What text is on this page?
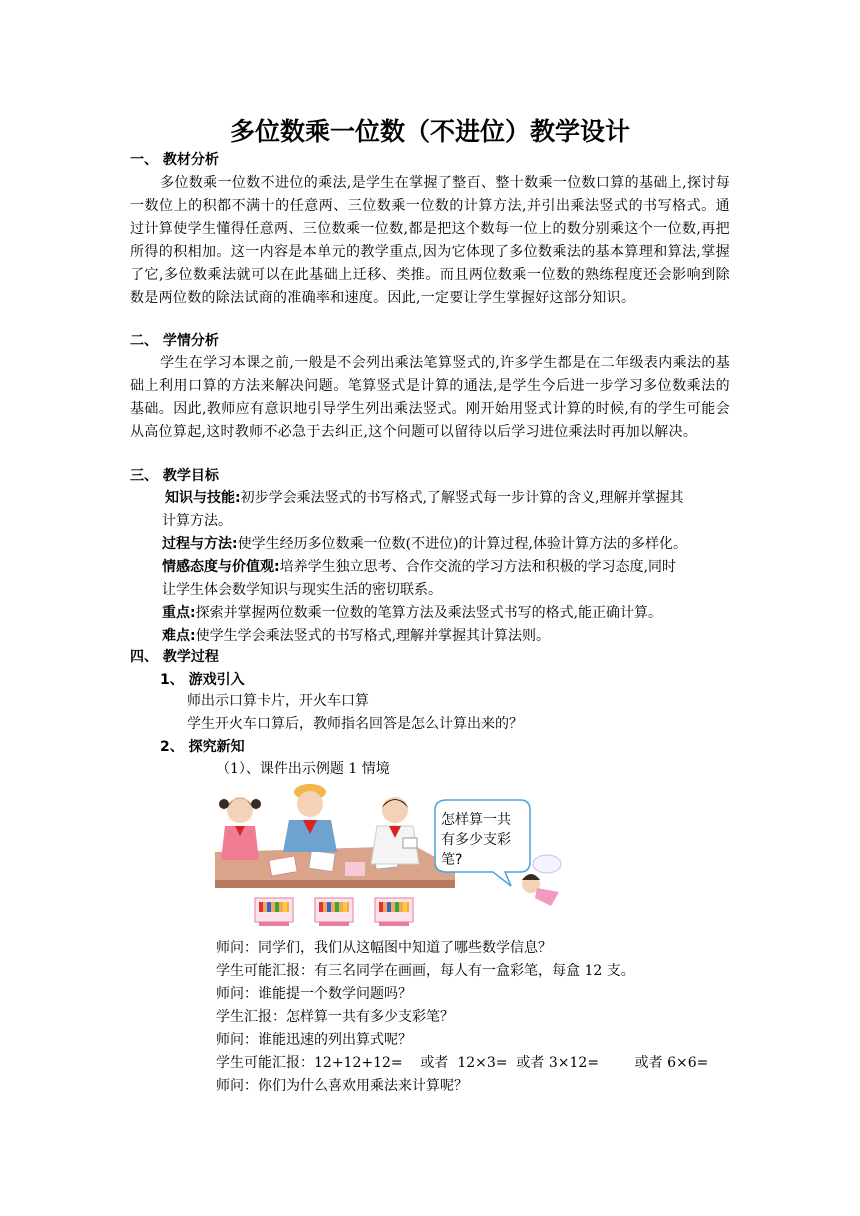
多位数乘一位数（不进位）教学设计
一、 教材分析
多位数乘一位数不进位的乘法,是学生在掌握了整百、整十数乘一位数口算的基础上,探讨每一数位上的积都不满十的任意两、三位数乘一位数的计算方法,并引出乘法竖式的书写格式。通过计算使学生懂得任意两、三位数乘一位数,都是把这个数每一位上的数分别乘这个一位数,再把所得的积相加。这一内容是本单元的教学重点,因为它体现了多位数乘法的基本算理和算法,掌握了它,多位数乘法就可以在此基础上迁移、类推。而且两位数乘一位数的熟练程度还会影响到除数是两位数的除法试商的准确率和速度。因此,一定要让学生掌握好这部分知识。
二、 学情分析
学生在学习本课之前,一般是不会列出乘法笔算竖式的,许多学生都是在二年级表内乘法的基础上利用口算的方法来解决问题。笔算竖式是计算的通法,是学生今后进一步学习多位数乘法的基础。因此,教师应有意识地引导学生列出乘法竖式。刚开始用竖式计算的时候,有的学生可能会从高位算起,这时教师不必急于去纠正,这个问题可以留待以后学习进位乘法时再加以解决。
三、 教学目标
知识与技能:初步学会乘法竖式的书写格式,了解竖式每一步计算的含义,理解并掌握其
计算方法。
过程与方法:使学生经历多位数乘一位数(不进位)的计算过程,体验计算方法的多样化。
情感态度与价值观:培养学生独立思考、合作交流的学习方法和积极的学习态度,同时
让学生体会数学知识与现实生活的密切联系。
重点:探索并掌握两位数乘一位数的笔算方法及乘法竖式书写的格式,能正确计算。
难点:使学生学会乘法竖式的书写格式,理解并掌握其计算法则。
四、 教学过程
1、 游戏引入
师出示口算卡片，开火车口算
学生开火车口算后，教师指名回答是怎么计算出来的？
2、 探究新知
（1）、课件出示例题 1 情境
怎样算一共
有多少支彩
笔?
师问：同学们，我们从这幅图中知道了哪些数学信息？
学生可能汇报：有三名同学在画画，每人有一盒彩笔，每盒 12 支。
师问：谁能提一个数学问题吗？
学生汇报：怎样算一共有多少支彩笔？
师问：谁能迅速的列出算式呢？
学生可能汇报：12+12+12=    或者  12×3=  或者 3×12=        或者 6×6=
师问：你们为什么喜欢用乘法来计算呢？
